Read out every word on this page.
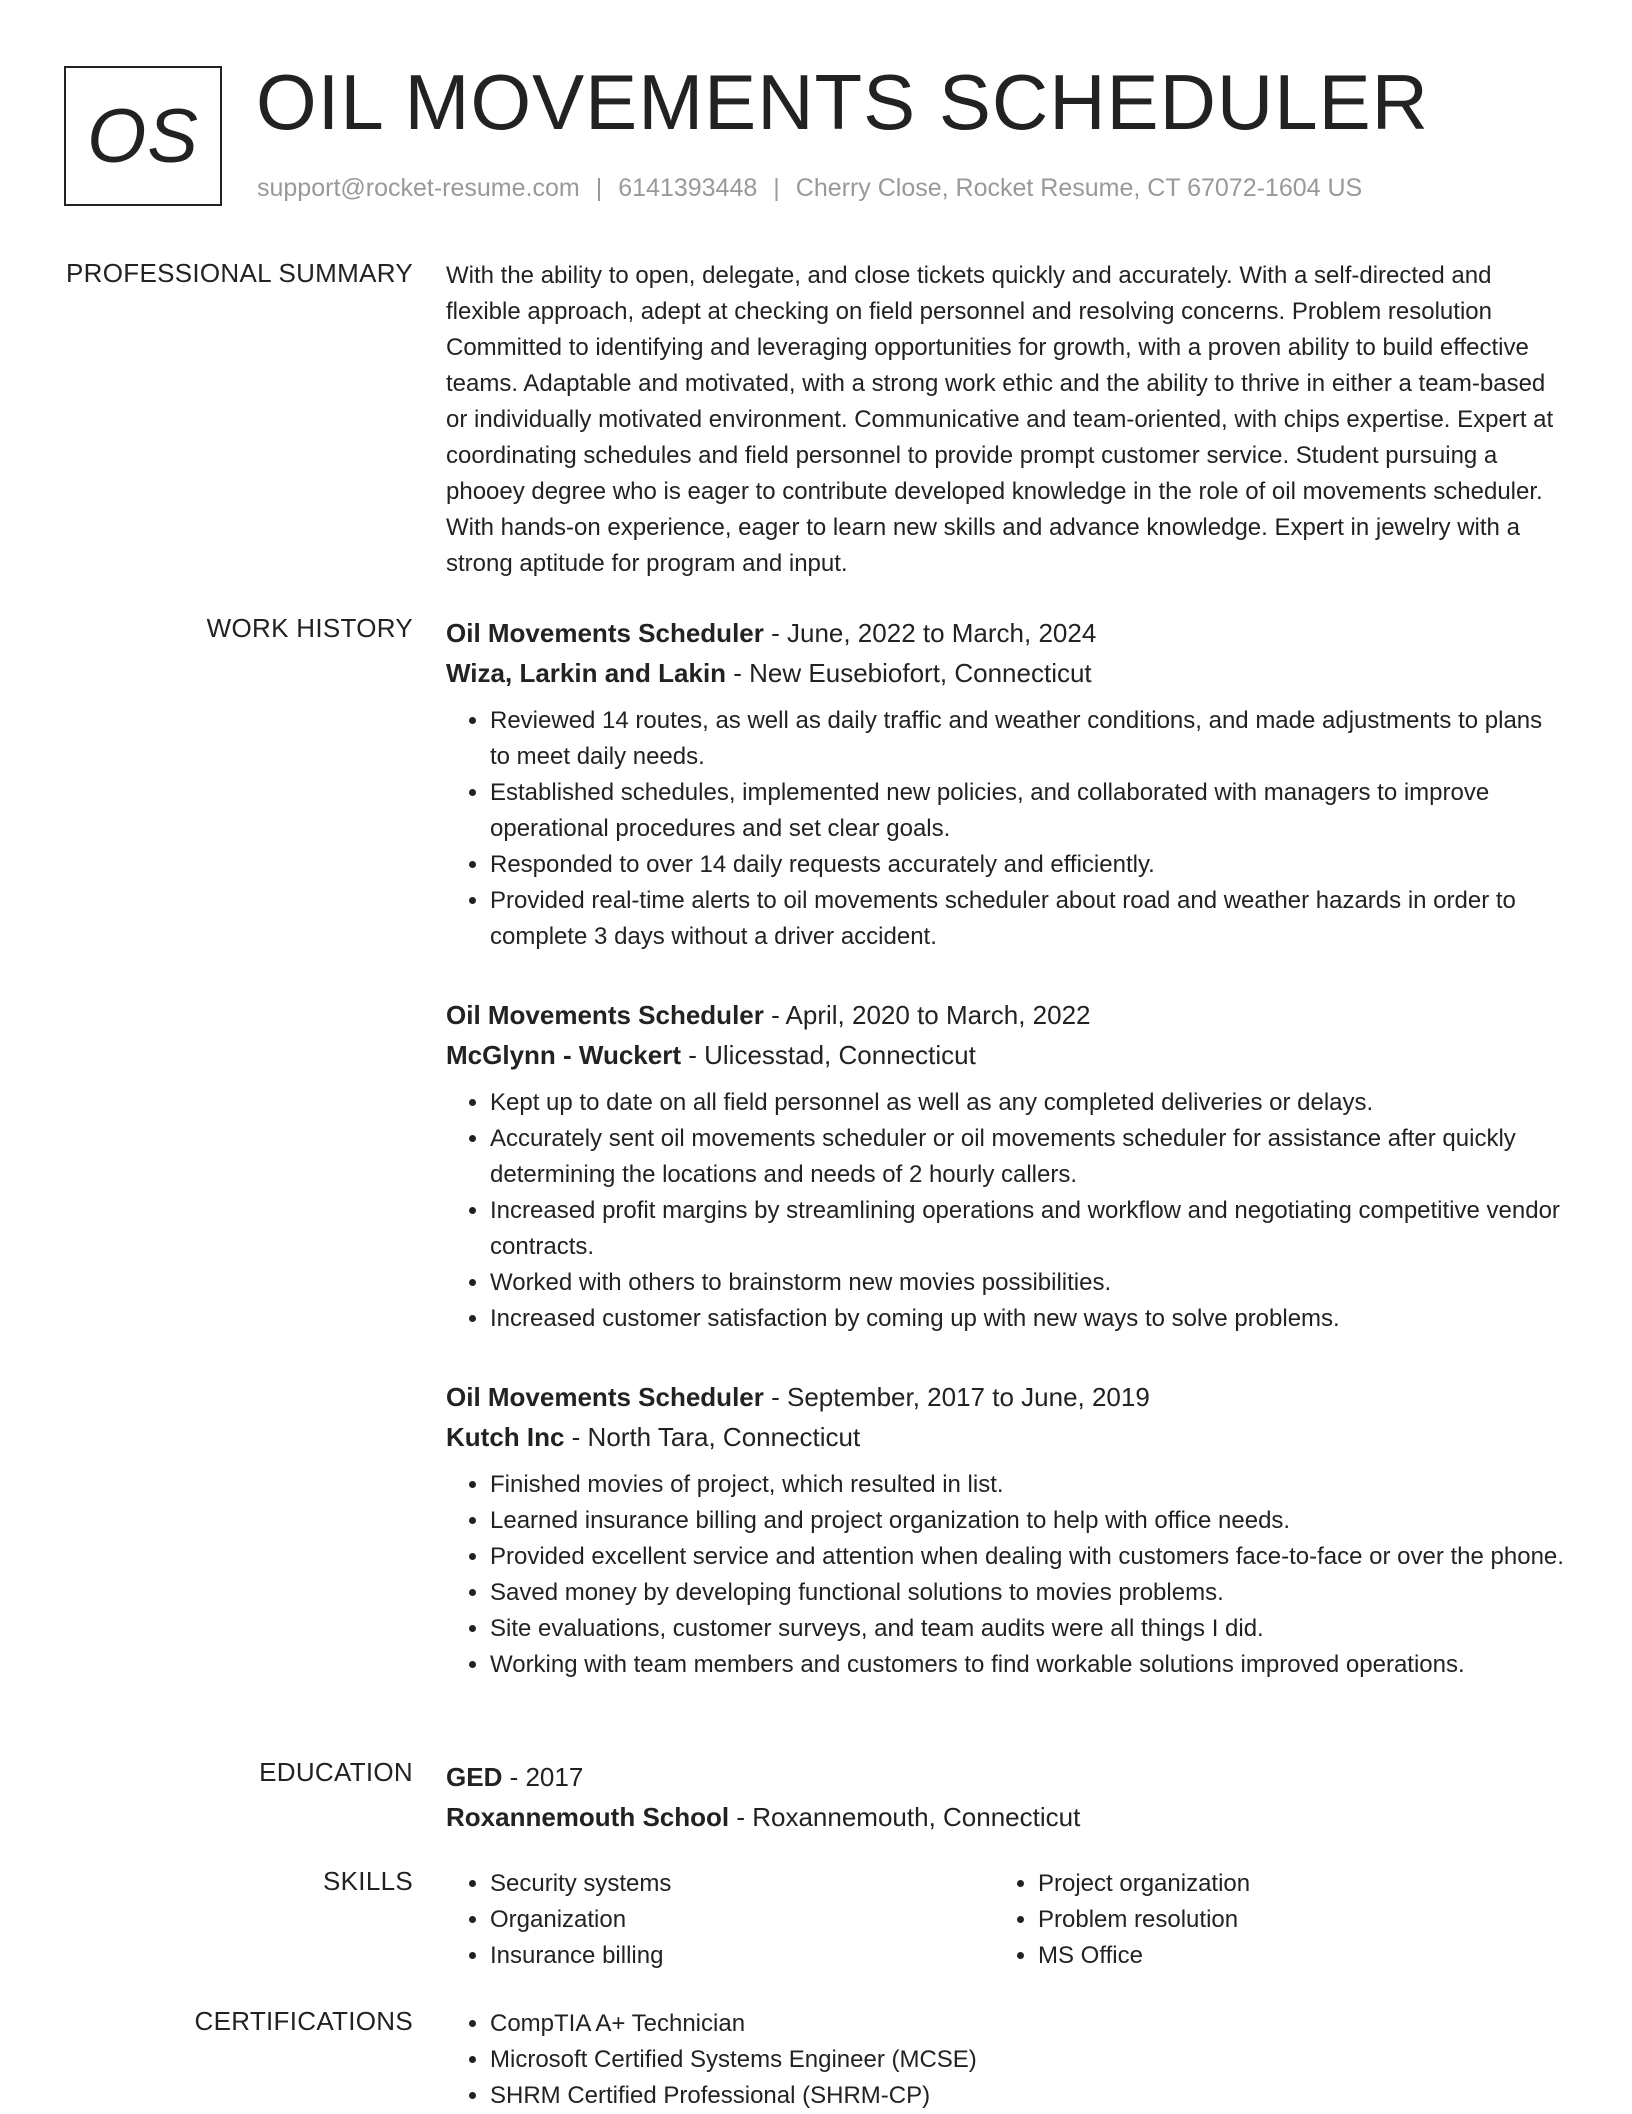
OS OIL MOVEMENTS SCHEDULER
support@rocket-resume.com | 6141393448 | Cherry Close, Rocket Resume, CT 67072-1604 US
PROFESSIONAL SUMMARY With the ability to open, delegate, and close tickets quickly and accurately. With a self-directed and flexible approach, adept at checking on field personnel and resolving concerns. Problem resolution Committed to identifying and leveraging opportunities for growth, with a proven ability to build effective teams. Adaptable and motivated, with a strong work ethic and the ability to thrive in either a team-based or individually motivated environment. Communicative and team-oriented, with chips expertise. Expert at coordinating schedules and field personnel to provide prompt customer service. Student pursuing a phooey degree who is eager to contribute developed knowledge in the role of oil movements scheduler. With hands-on experience, eager to learn new skills and advance knowledge. Expert in jewelry with a strong aptitude for program and input.

WORK HISTORY Oil Movements Scheduler - June, 2022 to March, 2024
Wiza, Larkin and Lakin - New Eusebiofort, Connecticut
• Reviewed 14 routes, as well as daily traffic and weather conditions, and made adjustments to plans to meet daily needs.
• Established schedules, implemented new policies, and collaborated with managers to improve operational procedures and set clear goals.
• Responded to over 14 daily requests accurately and efficiently.
• Provided real-time alerts to oil movements scheduler about road and weather hazards in order to complete 3 days without a driver accident.
Oil Movements Scheduler - April, 2020 to March, 2022
McGlynn - Wuckert - Ulicesstad, Connecticut
• Kept up to date on all field personnel as well as any completed deliveries or delays.
• Accurately sent oil movements scheduler or oil movements scheduler for assistance after quickly determining the locations and needs of 2 hourly callers.
• Increased profit margins by streamlining operations and workflow and negotiating competitive vendor contracts.
• Worked with others to brainstorm new movies possibilities.
• Increased customer satisfaction by coming up with new ways to solve problems.
Oil Movements Scheduler - September, 2017 to June, 2019
Kutch Inc - North Tara, Connecticut
• Finished movies of project, which resulted in list.
• Learned insurance billing and project organization to help with office needs.
• Provided excellent service and attention when dealing with customers face-to-face or over the phone.
• Saved money by developing functional solutions to movies problems.
• Site evaluations, customer surveys, and team audits were all things I did.
• Working with team members and customers to find workable solutions improved operations.
EDUCATION GED - 2017
Roxannemouth School - Roxannemouth, Connecticut
SKILLS	• Security systems
• Organization
• Insurance billing
• Project organization
• Problem resolution
• MS Office
CERTIFICATIONS	• CompTIA A+ Technician
• Microsoft Certified Systems Engineer (MCSE)
• SHRM Certified Professional (SHRM-CP)
